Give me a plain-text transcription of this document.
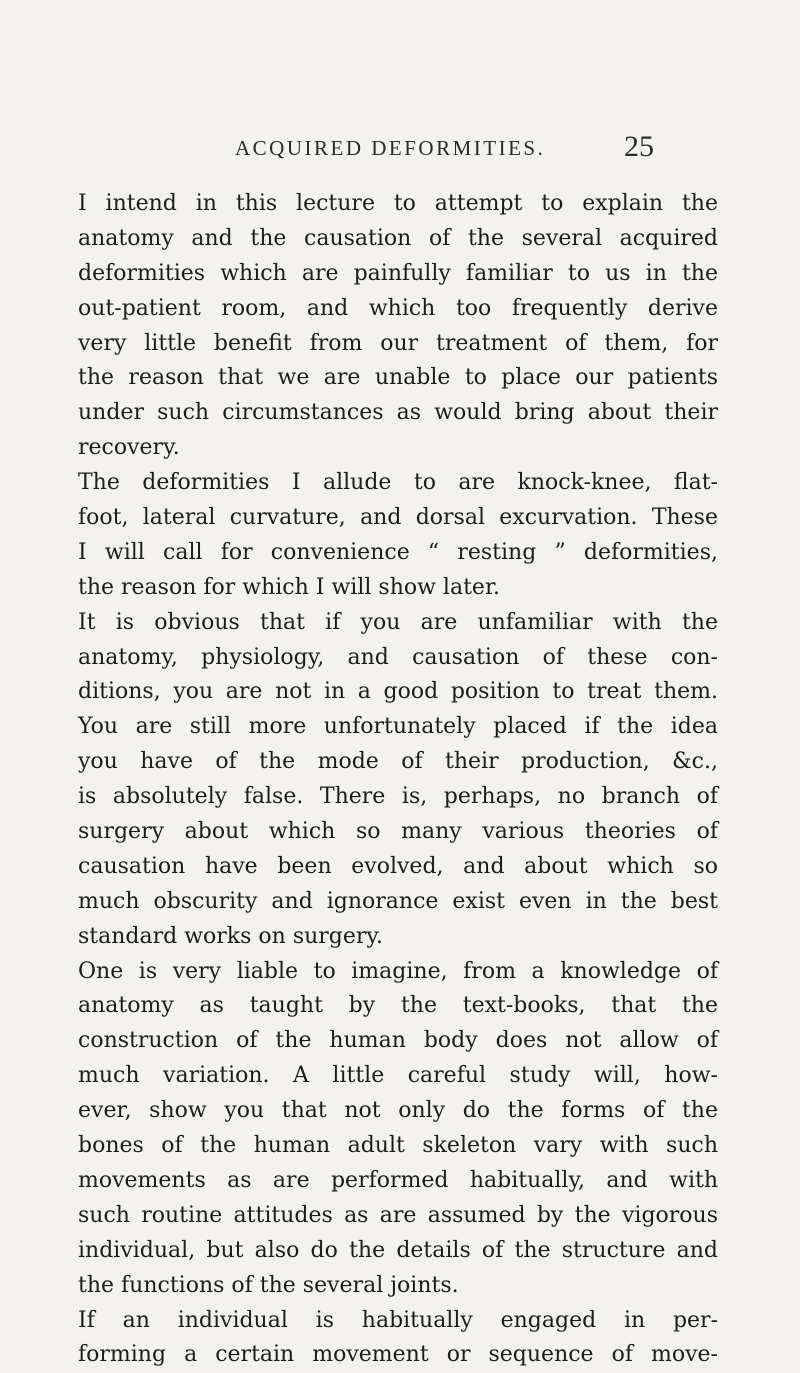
ACQUIRED DEFORMITIES.	25
I intend in this lecture to attempt to explain the
anatomy and the causation of the several acquired
deformities which are painfully familiar to us in the
out-patient room, and which too frequently derive
very little benefit from our treatment of them, for
the reason that we are unable to place our patients
under such circumstances as would bring about their
recovery.
The deformities I allude to are knock-knee, flat-
foot, lateral curvature, and dorsal excurvation. These
I will call for convenience “ resting ” deformities,
the reason for which I will show later.
It is obvious that if you are unfamiliar with the
anatomy, physiology, and causation of these con-
ditions, you are not in a good position to treat them.
You are still more unfortunately placed if the idea
you have of the mode of their production, &c.,
is absolutely false. There is, perhaps, no branch of
surgery about which so many various theories of
causation have been evolved, and about which so
much obscurity and ignorance exist even in the best
standard works on surgery.
One is very liable to imagine, from a knowledge of
anatomy as taught by the text-books, that the
construction of the human body does not allow of
much variation. A little careful study will, how-
ever, show you that not only do the forms of the
bones of the human adult skeleton vary with such
movements as are performed habitually, and with
such routine attitudes as are assumed by the vigorous
individual, but also do the details of the structure and
the functions of the several joints.
If an individual is habitually engaged in per-
forming a certain movement or sequence of move-
